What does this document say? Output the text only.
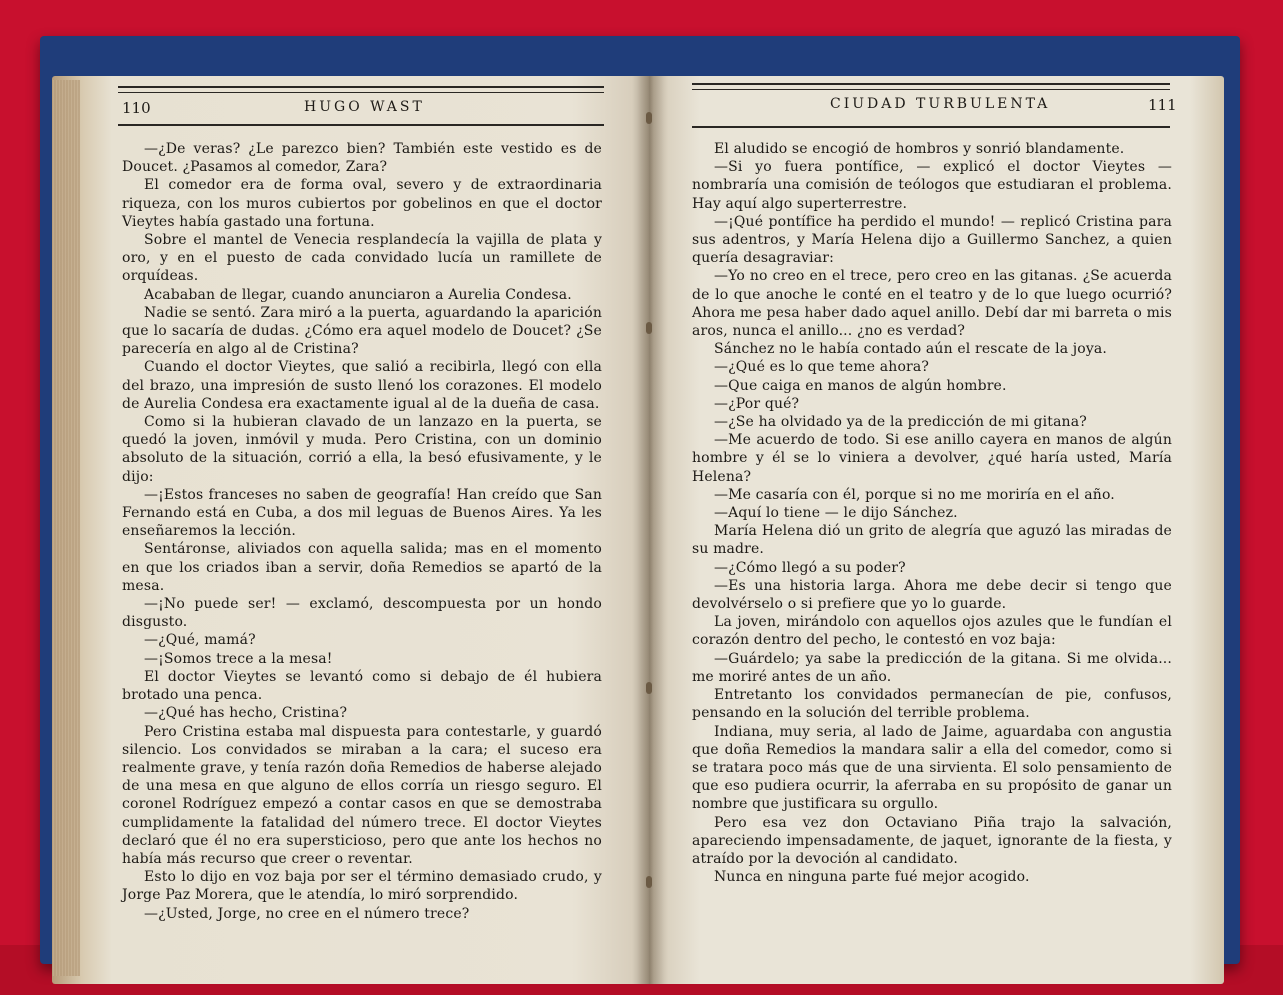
110	HUGO WAST	CIUDAD TURBULENTA	111

—¿De veras? ¿Le parezco bien? También este vestido es de Doucet. ¿Pasamos al comedor, Zara?

El comedor era de forma oval, severo y de extraordinaria riqueza, con los muros cubiertos por gobelinos en que el doctor Vieytes había gastado una fortuna.

Sobre el mantel de Venecia resplandecía la vajilla de plata y oro, y en el puesto de cada convidado lucía un ramillete de orquídeas.

Acababan de llegar, cuando anunciaron a Aurelia Condesa.

Nadie se sentó. Zara miró a la puerta, aguardando la aparición que lo sacaría de dudas. ¿Cómo era aquel modelo de Doucet? ¿Se parecería en algo al de Cristina?

Cuando el doctor Vieytes, que salió a recibirla, llegó con ella del brazo, una impresión de susto llenó los corazones. El modelo de Aurelia Condesa era exactamente igual al de la dueña de casa.

Como si la hubieran clavado de un lanzazo en la puerta, se quedó la joven, inmóvil y muda. Pero Cristina, con un dominio absoluto de la situación, corrió a ella, la besó efusivamente, y le dijo:

—¡Estos franceses no saben de geografía! Han creído que San Fernando está en Cuba, a dos mil leguas de Buenos Aires. Ya les enseñaremos la lección.

Sentáronse, aliviados con aquella salida; mas en el momento en que los criados iban a servir, doña Remedios se apartó de la mesa.

—¡No puede ser! — exclamó, descompuesta por un hondo disgusto.

—¿Qué, mamá?

—¡Somos trece a la mesa!

El doctor Vieytes se levantó como si debajo de él hubiera brotado una penca.

—¿Qué has hecho, Cristina?

Pero Cristina estaba mal dispuesta para contestarle, y guardó silencio. Los convidados se miraban a la cara; el suceso era realmente grave, y tenía razón doña Remedios de haberse alejado de una mesa en que alguno de ellos corría un riesgo seguro. El coronel Rodríguez empezó a contar casos en que se demostraba cumplidamente la fatalidad del número trece. El doctor Vieytes declaró que él no era supersticioso, pero que ante los hechos no había más recurso que creer o reventar.

Esto lo dijo en voz baja por ser el término demasiado crudo, y Jorge Paz Morera, que le atendía, lo miró sorprendido.

—¿Usted, Jorge, no cree en el número trece?

El aludido se encogió de hombros y sonrió blandamente.

—Si yo fuera pontífice, — explicó el doctor Vieytes — nombraría una comisión de teólogos que estudiaran el problema. Hay aquí algo superterrestre.

—¡Qué pontífice ha perdido el mundo! — replicó Cristina para sus adentros, y María Helena dijo a Guillermo Sanchez, a quien quería desagraviar:

—Yo no creo en el trece, pero creo en las gitanas. ¿Se acuerda de lo que anoche le conté en el teatro y de lo que luego ocurrió? Ahora me pesa haber dado aquel anillo. Debí dar mi barreta o mis aros, nunca el anillo... ¿no es verdad?

Sánchez no le había contado aún el rescate de la joya.

—¿Qué es lo que teme ahora?

—Que caiga en manos de algún hombre.

—¿Por qué?

—¿Se ha olvidado ya de la predicción de mi gitana?

—Me acuerdo de todo. Si ese anillo cayera en manos de algún hombre y él se lo viniera a devolver, ¿qué haría usted, María Helena?

—Me casaría con él, porque si no me moriría en el año.

—Aquí lo tiene — le dijo Sánchez.

María Helena dió un grito de alegría que aguzó las miradas de su madre.

—¿Cómo llegó a su poder?

—Es una historia larga. Ahora me debe decir si tengo que devolvérselo o si prefiere que yo lo guarde.

La joven, mirándolo con aquellos ojos azules que le fundían el corazón dentro del pecho, le contestó en voz baja:

—Guárdelo; ya sabe la predicción de la gitana. Si me olvida... me moriré antes de un año.

Entretanto los convidados permanecían de pie, confusos, pensando en la solución del terrible problema.

Indiana, muy seria, al lado de Jaime, aguardaba con angustia que doña Remedios la mandara salir a ella del comedor, como si se tratara poco más que de una sirvienta. El solo pensamiento de que eso pudiera ocurrir, la aferraba en su propósito de ganar un nombre que justificara su orgullo.

Pero esa vez don Octaviano Piña trajo la salvación, apareciendo impensadamente, de jaquet, ignorante de la fiesta, y atraído por la devoción al candidato.

Nunca en ninguna parte fué mejor acogido.
